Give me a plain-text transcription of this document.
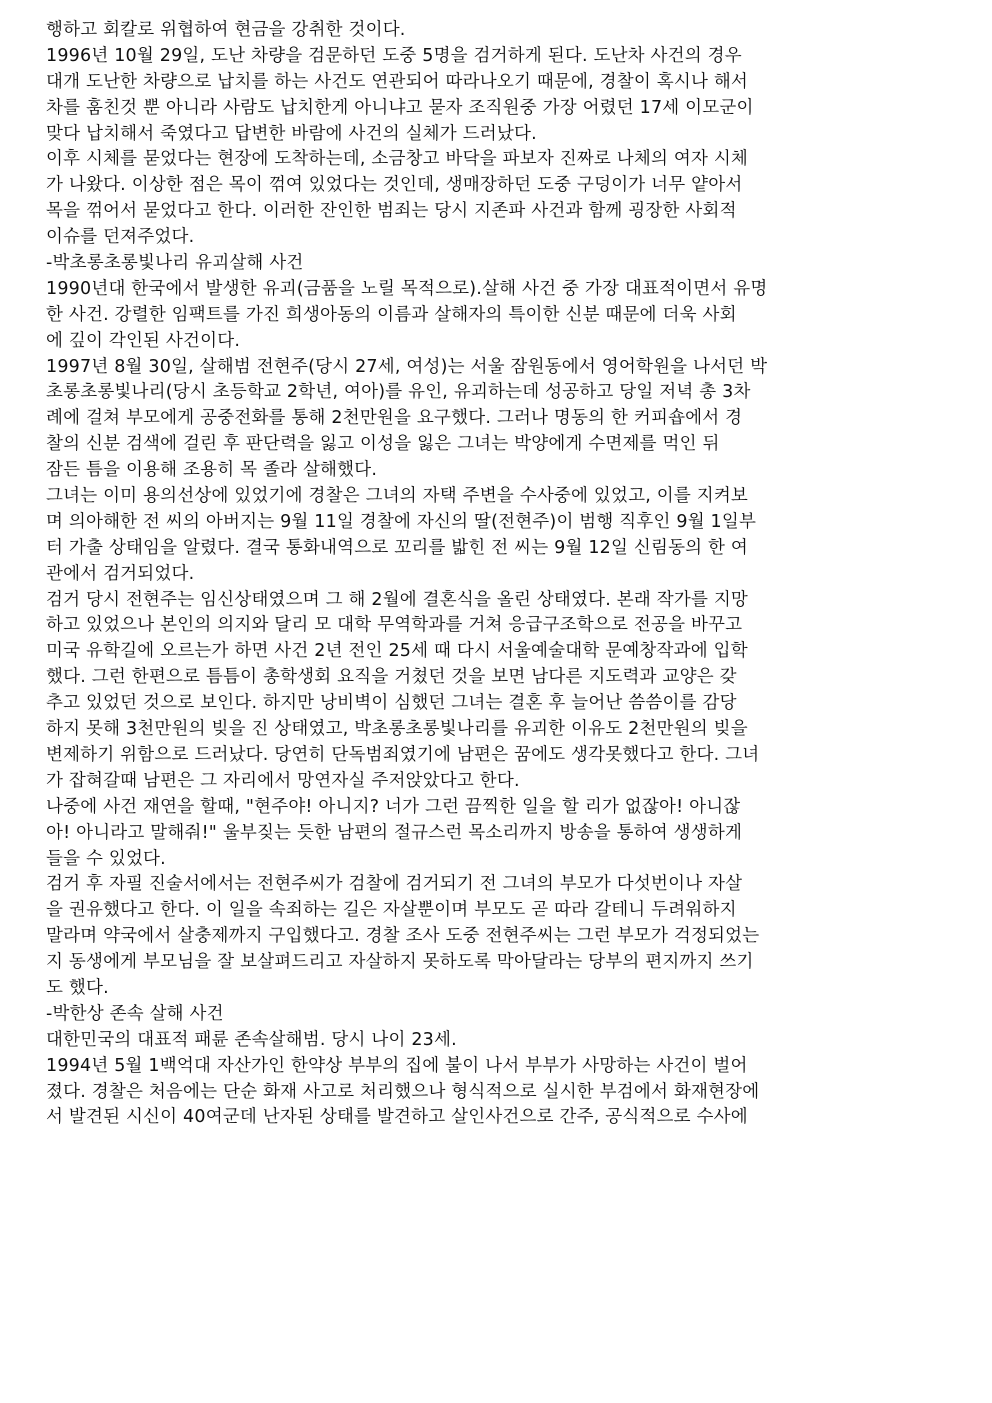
행하고 회칼로 위협하여 현금을 강취한 것이다.
1996년 10월 29일, 도난 차량을 검문하던 도중 5명을 검거하게 된다. 도난차 사건의 경우
대개 도난한 차량으로 납치를 하는 사건도 연관되어 따라나오기 때문에, 경찰이 혹시나 해서
차를 훔친것 뿐 아니라 사람도 납치한게 아니냐고 묻자 조직원중 가장 어렸던 17세 이모군이
맞다 납치해서 죽였다고 답변한 바람에 사건의 실체가 드러났다.
이후 시체를 묻었다는 현장에 도착하는데, 소금창고 바닥을 파보자 진짜로 나체의 여자 시체
가 나왔다. 이상한 점은 목이 꺾여 있었다는 것인데, 생매장하던 도중 구덩이가 너무 얕아서
목을 꺾어서 묻었다고 한다. 이러한 잔인한 범죄는 당시 지존파 사건과 함께 굉장한 사회적
이슈를 던져주었다.
-박초롱초롱빛나리 유괴살해 사건
1990년대 한국에서 발생한 유괴(금품을 노릴 목적으로).살해 사건 중 가장 대표적이면서 유명
한 사건. 강렬한 임팩트를 가진 희생아동의 이름과 살해자의 특이한 신분 때문에 더욱 사회
에 깊이 각인된 사건이다.
1997년 8월 30일, 살해범 전현주(당시 27세, 여성)는 서울 잠원동에서 영어학원을 나서던 박
초롱초롱빛나리(당시 초등학교 2학년, 여아)를 유인, 유괴하는데 성공하고 당일 저녁 총 3차
례에 걸쳐 부모에게 공중전화를 통해 2천만원을 요구했다. 그러나 명동의 한 커피숍에서 경
찰의 신분 검색에 걸린 후 판단력을 잃고 이성을 잃은 그녀는 박양에게 수면제를 먹인 뒤
잠든 틈을 이용해 조용히 목 졸라 살해했다.
그녀는 이미 용의선상에 있었기에 경찰은 그녀의 자택 주변을 수사중에 있었고, 이를 지켜보
며 의아해한 전 씨의 아버지는 9월 11일 경찰에 자신의 딸(전현주)이 범행 직후인 9월 1일부
터 가출 상태임을 알렸다. 결국 통화내역으로 꼬리를 밟힌 전 씨는 9월 12일 신림동의 한 여
관에서 검거되었다.
검거 당시 전현주는 임신상태였으며 그 해 2월에 결혼식을 올린 상태였다. 본래 작가를 지망
하고 있었으나 본인의 의지와 달리 모 대학 무역학과를 거쳐 응급구조학으로 전공을 바꾸고
미국 유학길에 오르는가 하면 사건 2년 전인 25세 때 다시 서울예술대학 문예창작과에 입학
했다. 그런 한편으로 틈틈이 총학생회 요직을 거쳤던 것을 보면 남다른 지도력과 교양은 갖
추고 있었던 것으로 보인다. 하지만 낭비벽이 심했던 그녀는 결혼 후 늘어난 씀씀이를 감당
하지 못해 3천만원의 빚을 진 상태였고, 박초롱초롱빛나리를 유괴한 이유도 2천만원의 빚을
변제하기 위함으로 드러났다. 당연히 단독범죄였기에 남편은 꿈에도 생각못했다고 한다. 그녀
가 잡혀갈때 남편은 그 자리에서 망연자실 주저앉았다고 한다.
나중에 사건 재연을 할때, "현주야! 아니지? 너가 그런 끔찍한 일을 할 리가 없잖아! 아니잖
아! 아니라고 말해줘!" 울부짖는 듯한 남편의 절규스런 목소리까지 방송을 통하여 생생하게
들을 수 있었다.
검거 후 자필 진술서에서는 전현주씨가 검찰에 검거되기 전 그녀의 부모가 다섯번이나 자살
을 권유했다고 한다. 이 일을 속죄하는 길은 자살뿐이며 부모도 곧 따라 갈테니 두려워하지
말라며 약국에서 살충제까지 구입했다고. 경찰 조사 도중 전현주씨는 그런 부모가 걱정되었는
지 동생에게 부모님을 잘 보살펴드리고 자살하지 못하도록 막아달라는 당부의 편지까지 쓰기
도 했다.
-박한상 존속 살해 사건
대한민국의 대표적 패륜 존속살해범. 당시 나이 23세.
1994년 5월 1백억대 자산가인 한약상 부부의 집에 불이 나서 부부가 사망하는 사건이 벌어
졌다. 경찰은 처음에는 단순 화재 사고로 처리했으나 형식적으로 실시한 부검에서 화재현장에
서 발견된 시신이 40여군데 난자된 상태를 발견하고 살인사건으로 간주, 공식적으로 수사에
